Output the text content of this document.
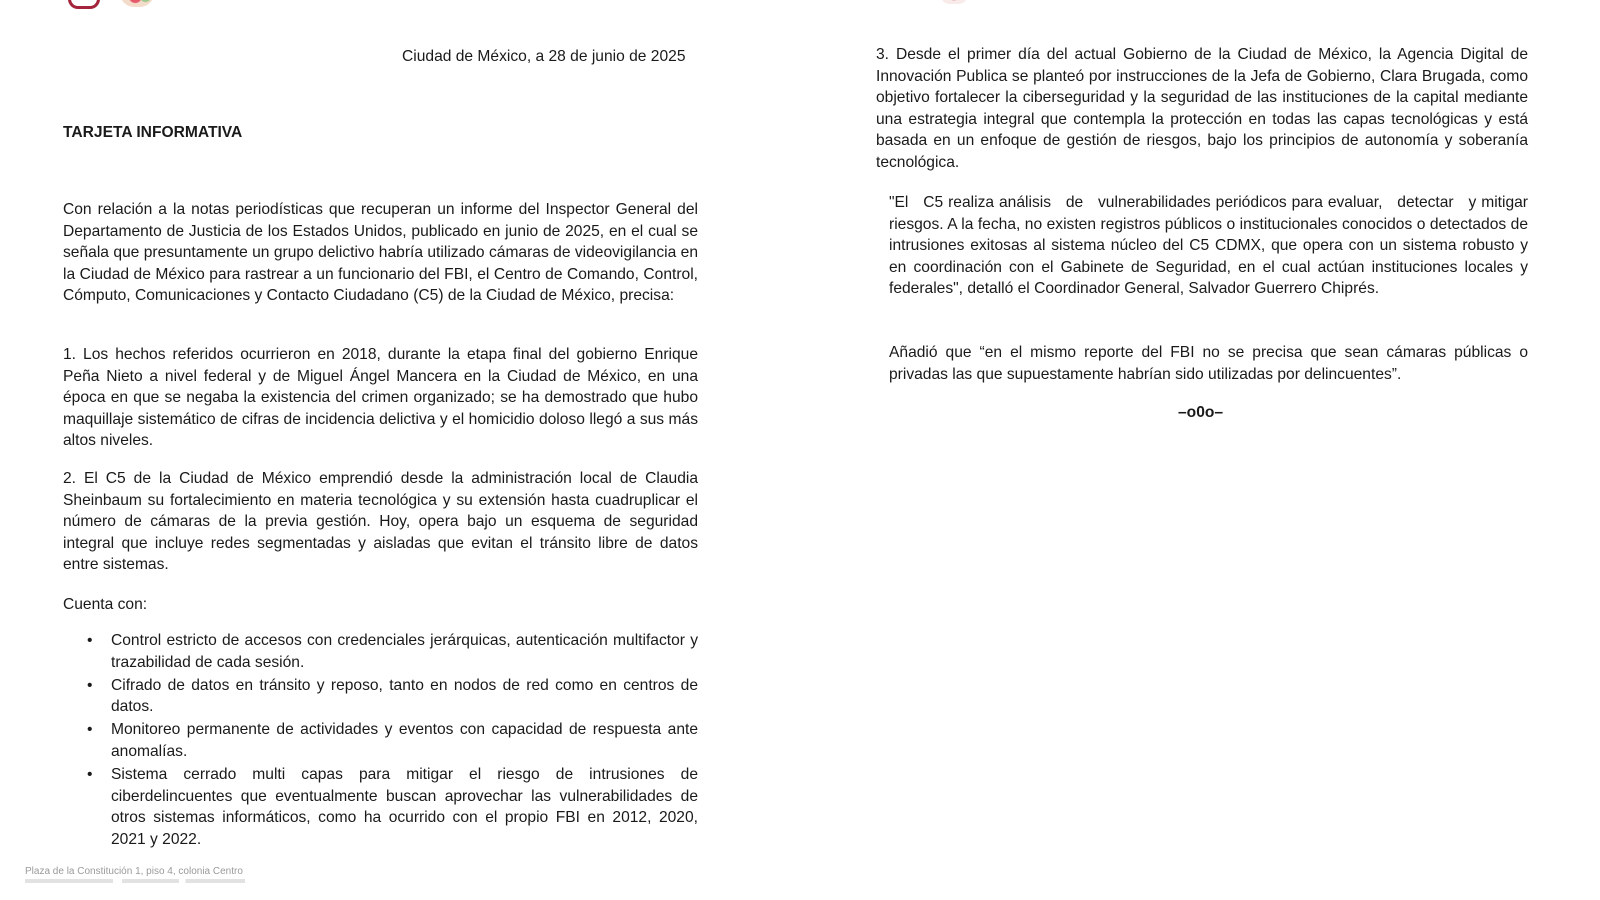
Ciudad de México, a 28 de junio de 2025
TARJETA INFORMATIVA
Con relación a la notas periodísticas que recuperan un informe del Inspector General del Departamento de Justicia de los Estados Unidos, publicado en junio de 2025, en el cual se señala que presuntamente un grupo delictivo habría utilizado cámaras de videovigilancia en la Ciudad de México para rastrear a un funcionario del FBI, el Centro de Comando, Control, Cómputo, Comunicaciones y Contacto Ciudadano (C5) de la Ciudad de México, precisa:
1. Los hechos referidos ocurrieron en 2018, durante la etapa final del gobierno Enrique Peña Nieto a nivel federal y de Miguel Ángel Mancera en la Ciudad de México, en una época en que se negaba la existencia del crimen organizado; se ha demostrado que hubo maquillaje sistemático de cifras de incidencia delictiva y el homicidio doloso llegó a sus más altos niveles.
2. El C5 de la Ciudad de México emprendió desde la administración local de Claudia Sheinbaum su fortalecimiento en materia tecnológica y su extensión hasta cuadruplicar el número de cámaras de la previa gestión. Hoy, opera bajo un esquema de seguridad integral que incluye redes segmentadas y aisladas que evitan el tránsito libre de datos entre sistemas.
Cuenta con:
• Control estricto de accesos con credenciales jerárquicas, autenticación multifactor y trazabilidad de cada sesión.
• Cifrado de datos en tránsito y reposo, tanto en nodos de red como en centros de datos.
• Monitoreo permanente de actividades y eventos con capacidad de respuesta ante anomalías.
• Sistema cerrado multi capas para mitigar el riesgo de intrusiones de ciberdelincuentes que eventualmente buscan aprovechar las vulnerabilidades de otros sistemas informáticos, como ha ocurrido con el propio FBI en 2012, 2020, 2021 y 2022.
Plaza de la Constitución 1, piso 4, colonia Centro
3. Desde el primer día del actual Gobierno de la Ciudad de México, la Agencia Digital de Innovación Publica se planteó por instrucciones de la Jefa de Gobierno, Clara Brugada, como objetivo fortalecer la ciberseguridad y la seguridad de las instituciones de la capital mediante una estrategia integral que contempla la protección en todas las capas tecnológicas y está basada en un enfoque de gestión de riesgos, bajo los principios de autonomía y soberanía tecnológica.
"El   C5 realiza análisis   de   vulnerabilidades periódicos para evaluar,   detectar   y mitigar riesgos. A la fecha, no existen registros públicos o institucionales conocidos o detectados de intrusiones exitosas al sistema núcleo del C5 CDMX, que opera con un sistema robusto y en coordinación con el Gabinete de Seguridad, en el cual actúan instituciones locales y federales", detalló el Coordinador General, Salvador Guerrero Chiprés.
Añadió que “en el mismo reporte del FBI no se precisa que sean cámaras públicas o privadas las que supuestamente habrían sido utilizadas por delincuentes”.
–o0o–
